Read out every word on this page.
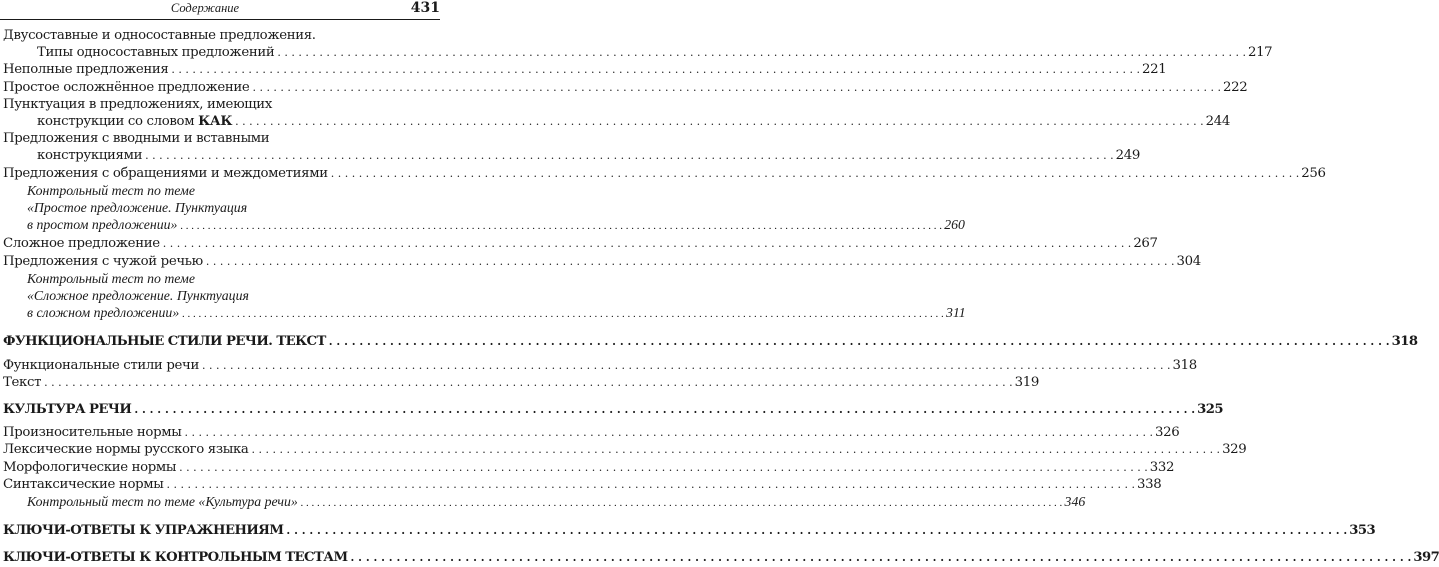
Содержание	431
Двусоставные и односоставные предложения.
Типы односоставных предложений . . .	217
Неполные предложения . . .	221
Простое осложнённое предложение . . .	222
Пунктуация в предложениях, имеющих
конструкции со словом КАК . . .	244
Предложения с вводными и вставными
конструкциями . . .	249
Предложения с обращениями и междометиями . . .	256
Контрольный тест по теме
«Простое предложение. Пунктуация
в простом предложении» . . .	260
Сложное предложение . . .	267
Предложения с чужой речью . . .	304
Контрольный тест по теме
«Сложное предложение. Пунктуация
в сложном предложении» . . .	311
ФУНКЦИОНАЛЬНЫЕ СТИЛИ РЕЧИ. ТЕКСТ . . .	318
Функциональные стили речи . . .	318
Текст . . .	319
КУЛЬТУРА РЕЧИ . . .	325
Произносительные нормы . . .	326
Лексические нормы русского языка . . .	329
Морфологические нормы . . .	332
Синтаксические нормы . . .	338
Контрольный тест по теме «Культура речи» . . .	346
КЛЮЧИ-ОТВЕТЫ К УПРАЖНЕНИЯМ . . .	353
КЛЮЧИ-ОТВЕТЫ К КОНТРОЛЬНЫМ ТЕСТАМ . . .	397
